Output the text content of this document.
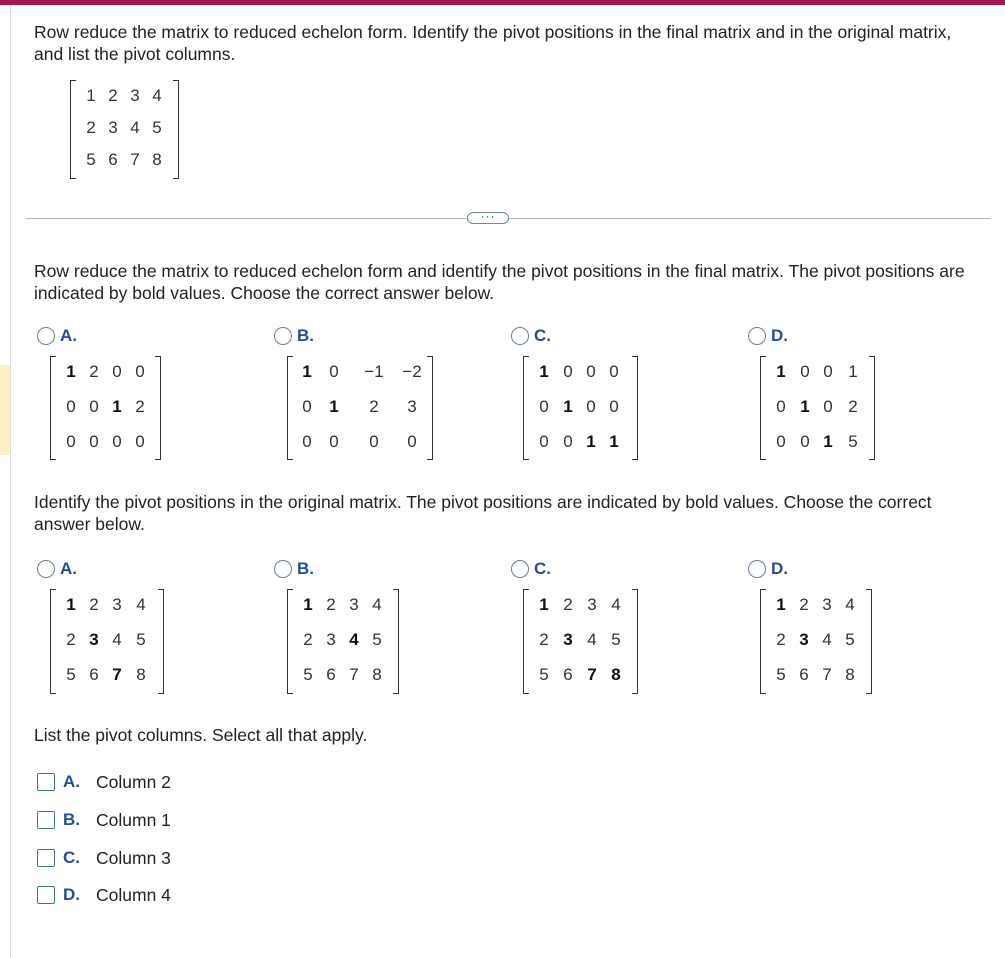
Row reduce the matrix to reduced echelon form. Identify the pivot positions in the final matrix and in the original matrix, and list the pivot columns.
1 2 3 4
2 3 4 5
5 6 7 8
···
Row reduce the matrix to reduced echelon form and identify the pivot positions in the final matrix. The pivot positions are indicated by bold values. Choose the correct answer below.
A.	B.	C.	D.
1 2 0 0
0 0 1 2
0 0 0 0
1 0 −1 −2
0 1 2 3
0 0 0 0
1 0 0 0
0 1 0 0
0 0 1 1
1 0 0 1
0 1 0 2
0 0 1 5
Identify the pivot positions in the original matrix. The pivot positions are indicated by bold values. Choose the correct answer below.
A.	B.	C.	D.
1 2 3 4
2 3 4 5
5 6 7 8
1 2 3 4
2 3 4 5
5 6 7 8
1 2 3 4
2 3 4 5
5 6 7 8
1 2 3 4
2 3 4 5
5 6 7 8
List the pivot columns. Select all that apply.
A. Column 2
B. Column 1
C. Column 3
D. Column 4
